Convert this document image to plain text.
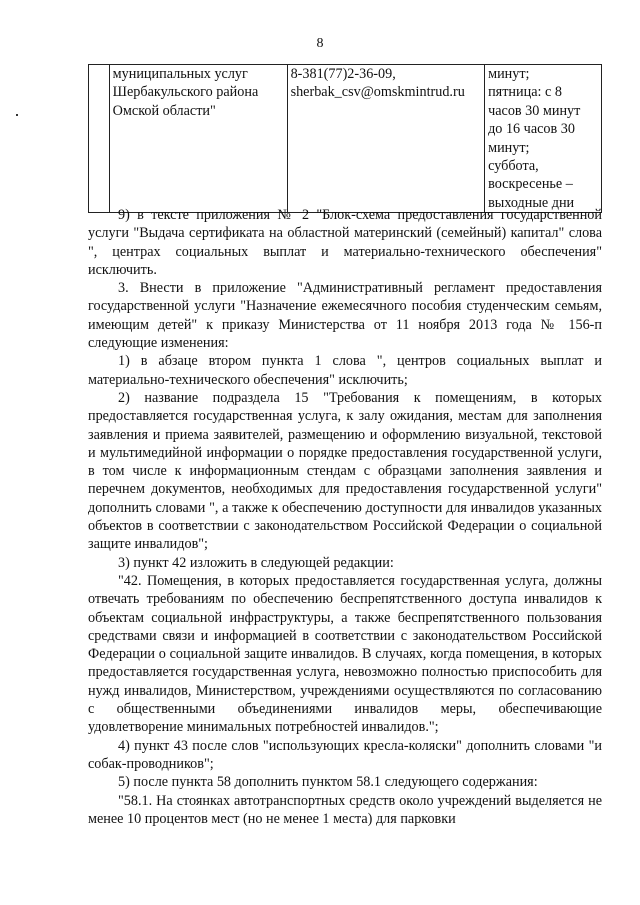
8

муниципальных услуг
Шербакульского района
Омской области"

8-381(77)2-36-09,
sherbak_csv@omskmintrud.ru

минут;
пятница: с 8
часов 30 минут
до 16 часов 30
минут;
суббота,
воскресенье –
выходные дни

9) в тексте приложения № 2 "Блок-схема предоставления государственной услуги "Выдача сертификата на областной материнский (семейный) капитал" слова ", центрах социальных выплат и материально-технического обеспечения" исключить.

3. Внести в приложение "Административный регламент предоставления государственной услуги "Назначение ежемесячного пособия студенческим семьям, имеющим детей" к приказу Министерства от 11 ноября 2013 года № 156-п следующие изменения:

1) в абзаце втором пункта 1 слова ", центров социальных выплат и материально-технического обеспечения" исключить;

2) название подраздела 15 "Требования к помещениям, в которых предоставляется государственная услуга, к залу ожидания, местам для заполнения заявления и приема заявителей, размещению и оформлению визуальной, текстовой и мультимедийной информации о порядке предоставления государственной услуги, в том числе к информационным стендам с образцами заполнения заявления и перечнем документов, необходимых для предоставления государственной услуги" дополнить словами ", а также к обеспечению доступности для инвалидов указанных объектов в соответствии с законодательством Российской Федерации о социальной защите инвалидов";

3) пункт 42 изложить в следующей редакции:

"42. Помещения, в которых предоставляется государственная услуга, должны отвечать требованиям по обеспечению беспрепятственного доступа инвалидов к объектам социальной инфраструктуры, а также беспрепятственного пользования средствами связи и информацией в соответствии с законодательством Российской Федерации о социальной защите инвалидов. В случаях, когда помещения, в которых предоставляется государственная услуга, невозможно полностью приспособить для нужд инвалидов, Министерством, учреждениями осуществляются по согласованию с общественными объединениями инвалидов меры, обеспечивающие удовлетворение минимальных потребностей инвалидов.";

4) пункт 43 после слов "использующих кресла-коляски" дополнить словами "и собак-проводников";

5) после пункта 58 дополнить пунктом 58.1 следующего содержания:

"58.1. На стоянках автотранспортных средств около учреждений выделяется не менее 10 процентов мест (но не менее 1 места) для парковки
